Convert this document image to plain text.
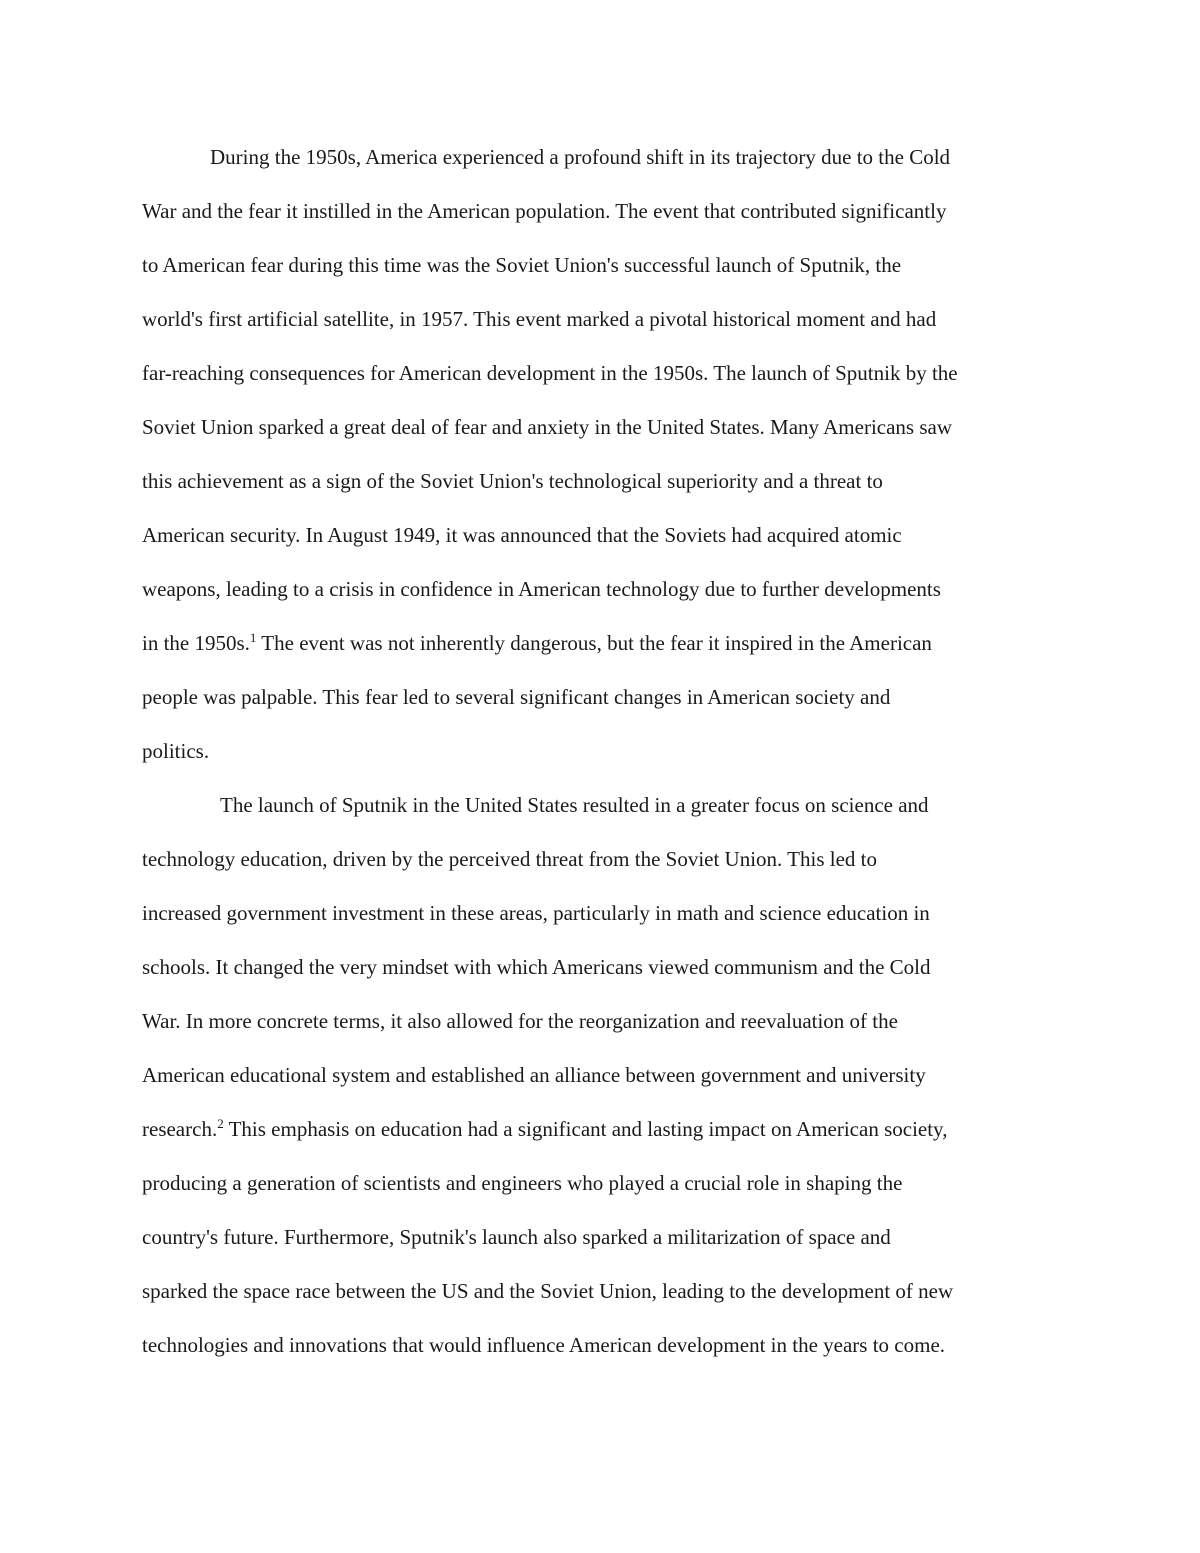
During the 1950s, America experienced a profound shift in its trajectory due to the Cold
War and the fear it instilled in the American population. The event that contributed significantly
to American fear during this time was the Soviet Union's successful launch of Sputnik, the
world's first artificial satellite, in 1957. This event marked a pivotal historical moment and had
far-reaching consequences for American development in the 1950s. The launch of Sputnik by the
Soviet Union sparked a great deal of fear and anxiety in the United States. Many Americans saw
this achievement as a sign of the Soviet Union's technological superiority and a threat to
American security. In August 1949, it was announced that the Soviets had acquired atomic
weapons, leading to a crisis in confidence in American technology due to further developments
in the 1950s.$^1$ The event was not inherently dangerous, but the fear it inspired in the American
people was palpable. This fear led to several significant changes in American society and
politics.
The launch of Sputnik in the United States resulted in a greater focus on science and
technology education, driven by the perceived threat from the Soviet Union. This led to
increased government investment in these areas, particularly in math and science education in
schools. It changed the very mindset with which Americans viewed communism and the Cold
War. In more concrete terms, it also allowed for the reorganization and reevaluation of the
American educational system and established an alliance between government and university
research.$^2$ This emphasis on education had a significant and lasting impact on American society,
producing a generation of scientists and engineers who played a crucial role in shaping the
country's future. Furthermore, Sputnik's launch also sparked a militarization of space and
sparked the space race between the US and the Soviet Union, leading to the development of new
technologies and innovations that would influence American development in the years to come.
